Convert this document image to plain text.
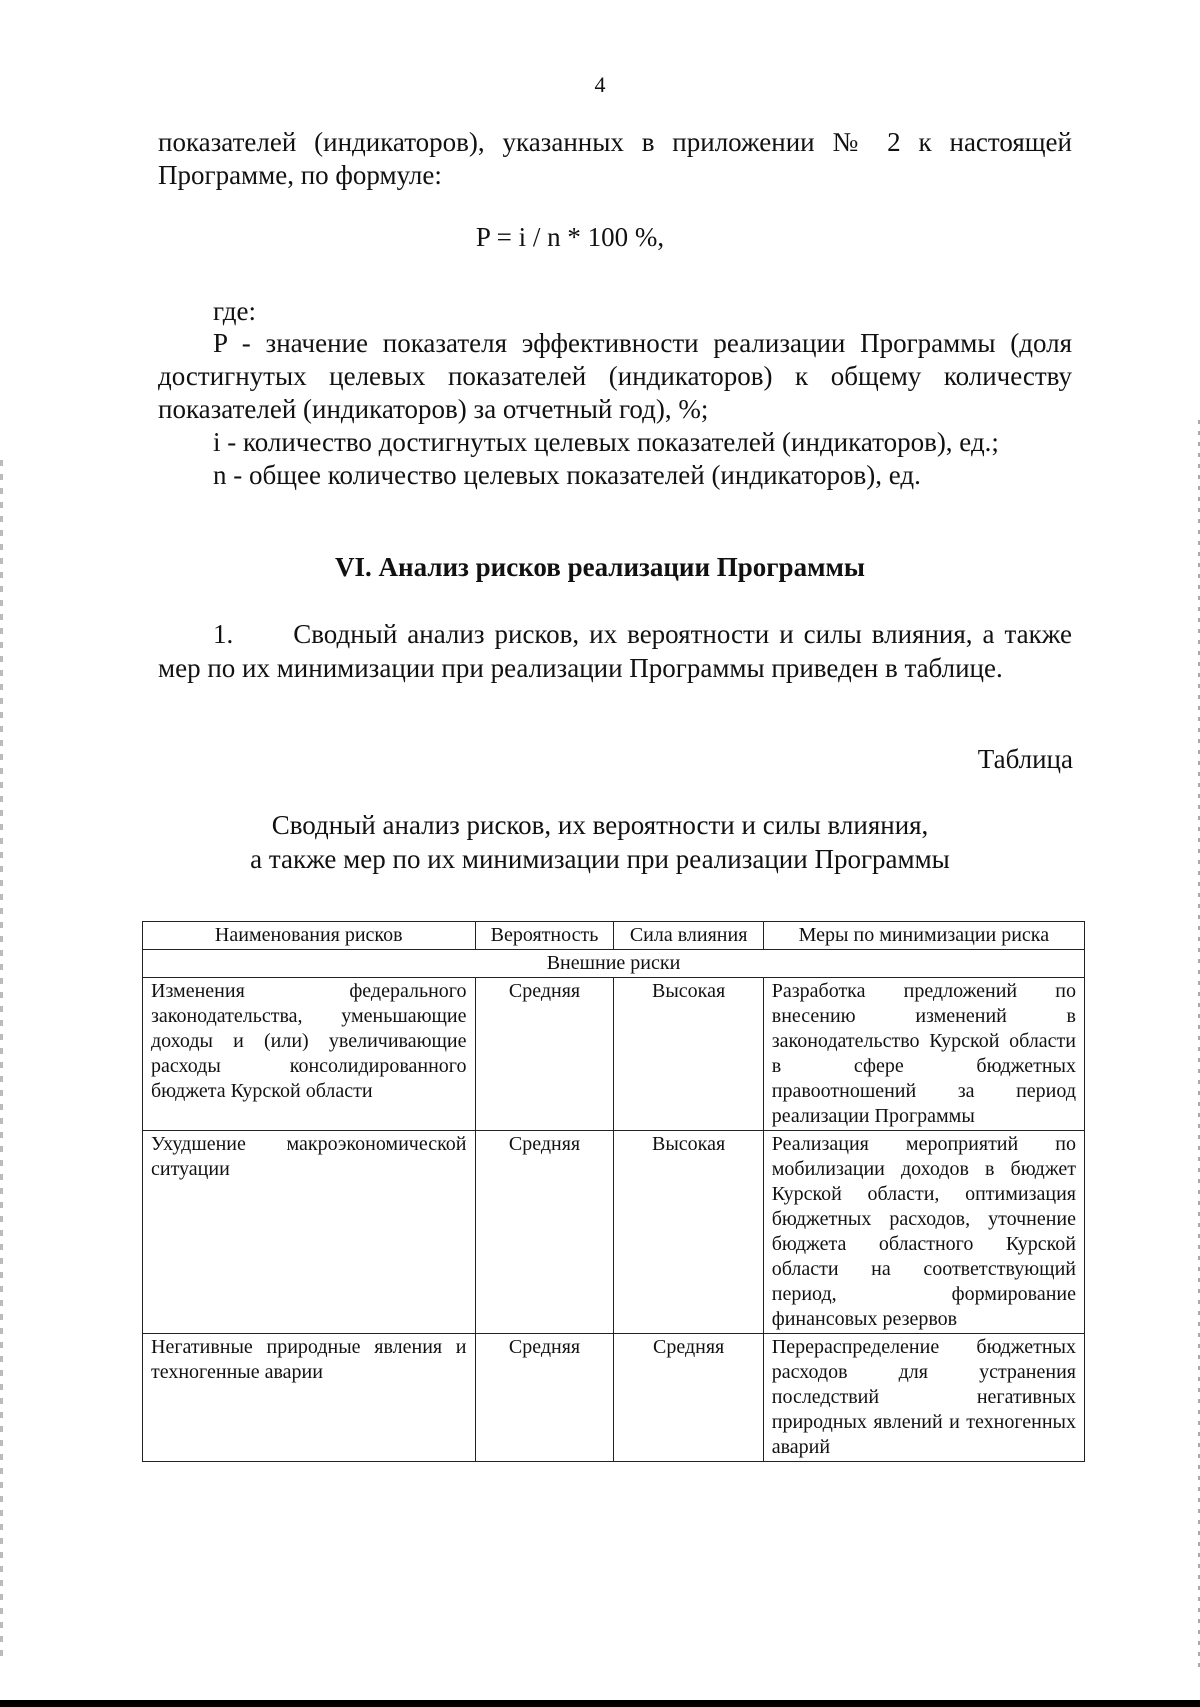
4
показателей (индикаторов), указанных в приложении № 2 к настоящей Программе, по формуле:
P = i / n * 100 %,
где:
P - значение показателя эффективности реализации Программы (доля достигнутых целевых показателей (индикаторов) к общему количеству показателей (индикаторов) за отчетный год), %;
i - количество достигнутых целевых показателей (индикаторов), ед.;
n - общее количество целевых показателей (индикаторов), ед.
VI. Анализ рисков реализации Программы
1.      Сводный анализ рисков, их вероятности и силы влияния, а также мер по их минимизации при реализации Программы приведен в таблице.
Таблица
Сводный анализ рисков, их вероятности и силы влияния,
а также мер по их минимизации при реализации Программы
Наименования рисков	Вероятность	Сила влияния	Меры по минимизации риска
Внешние риски			
Изменения федерального законодательства, уменьшающие доходы и (или) увеличивающие расходы консолидированного бюджета Курской области	Средняя	Высокая	Разработка предложений по внесению изменений в законодательство Курской области в сфере бюджетных правоотношений за период реализации Программы
Ухудшение макроэкономической ситуации	Средняя	Высокая	Реализация мероприятий по мобилизации доходов в бюджет Курской области, оптимизация бюджетных расходов, уточнение бюджета областного Курской области на соответствующий период, формирование финансовых резервов
Негативные природные явления и техногенные аварии	Средняя	Средняя	Перераспределение бюджетных расходов для устранения последствий негативных природных явлений и техногенных аварий
